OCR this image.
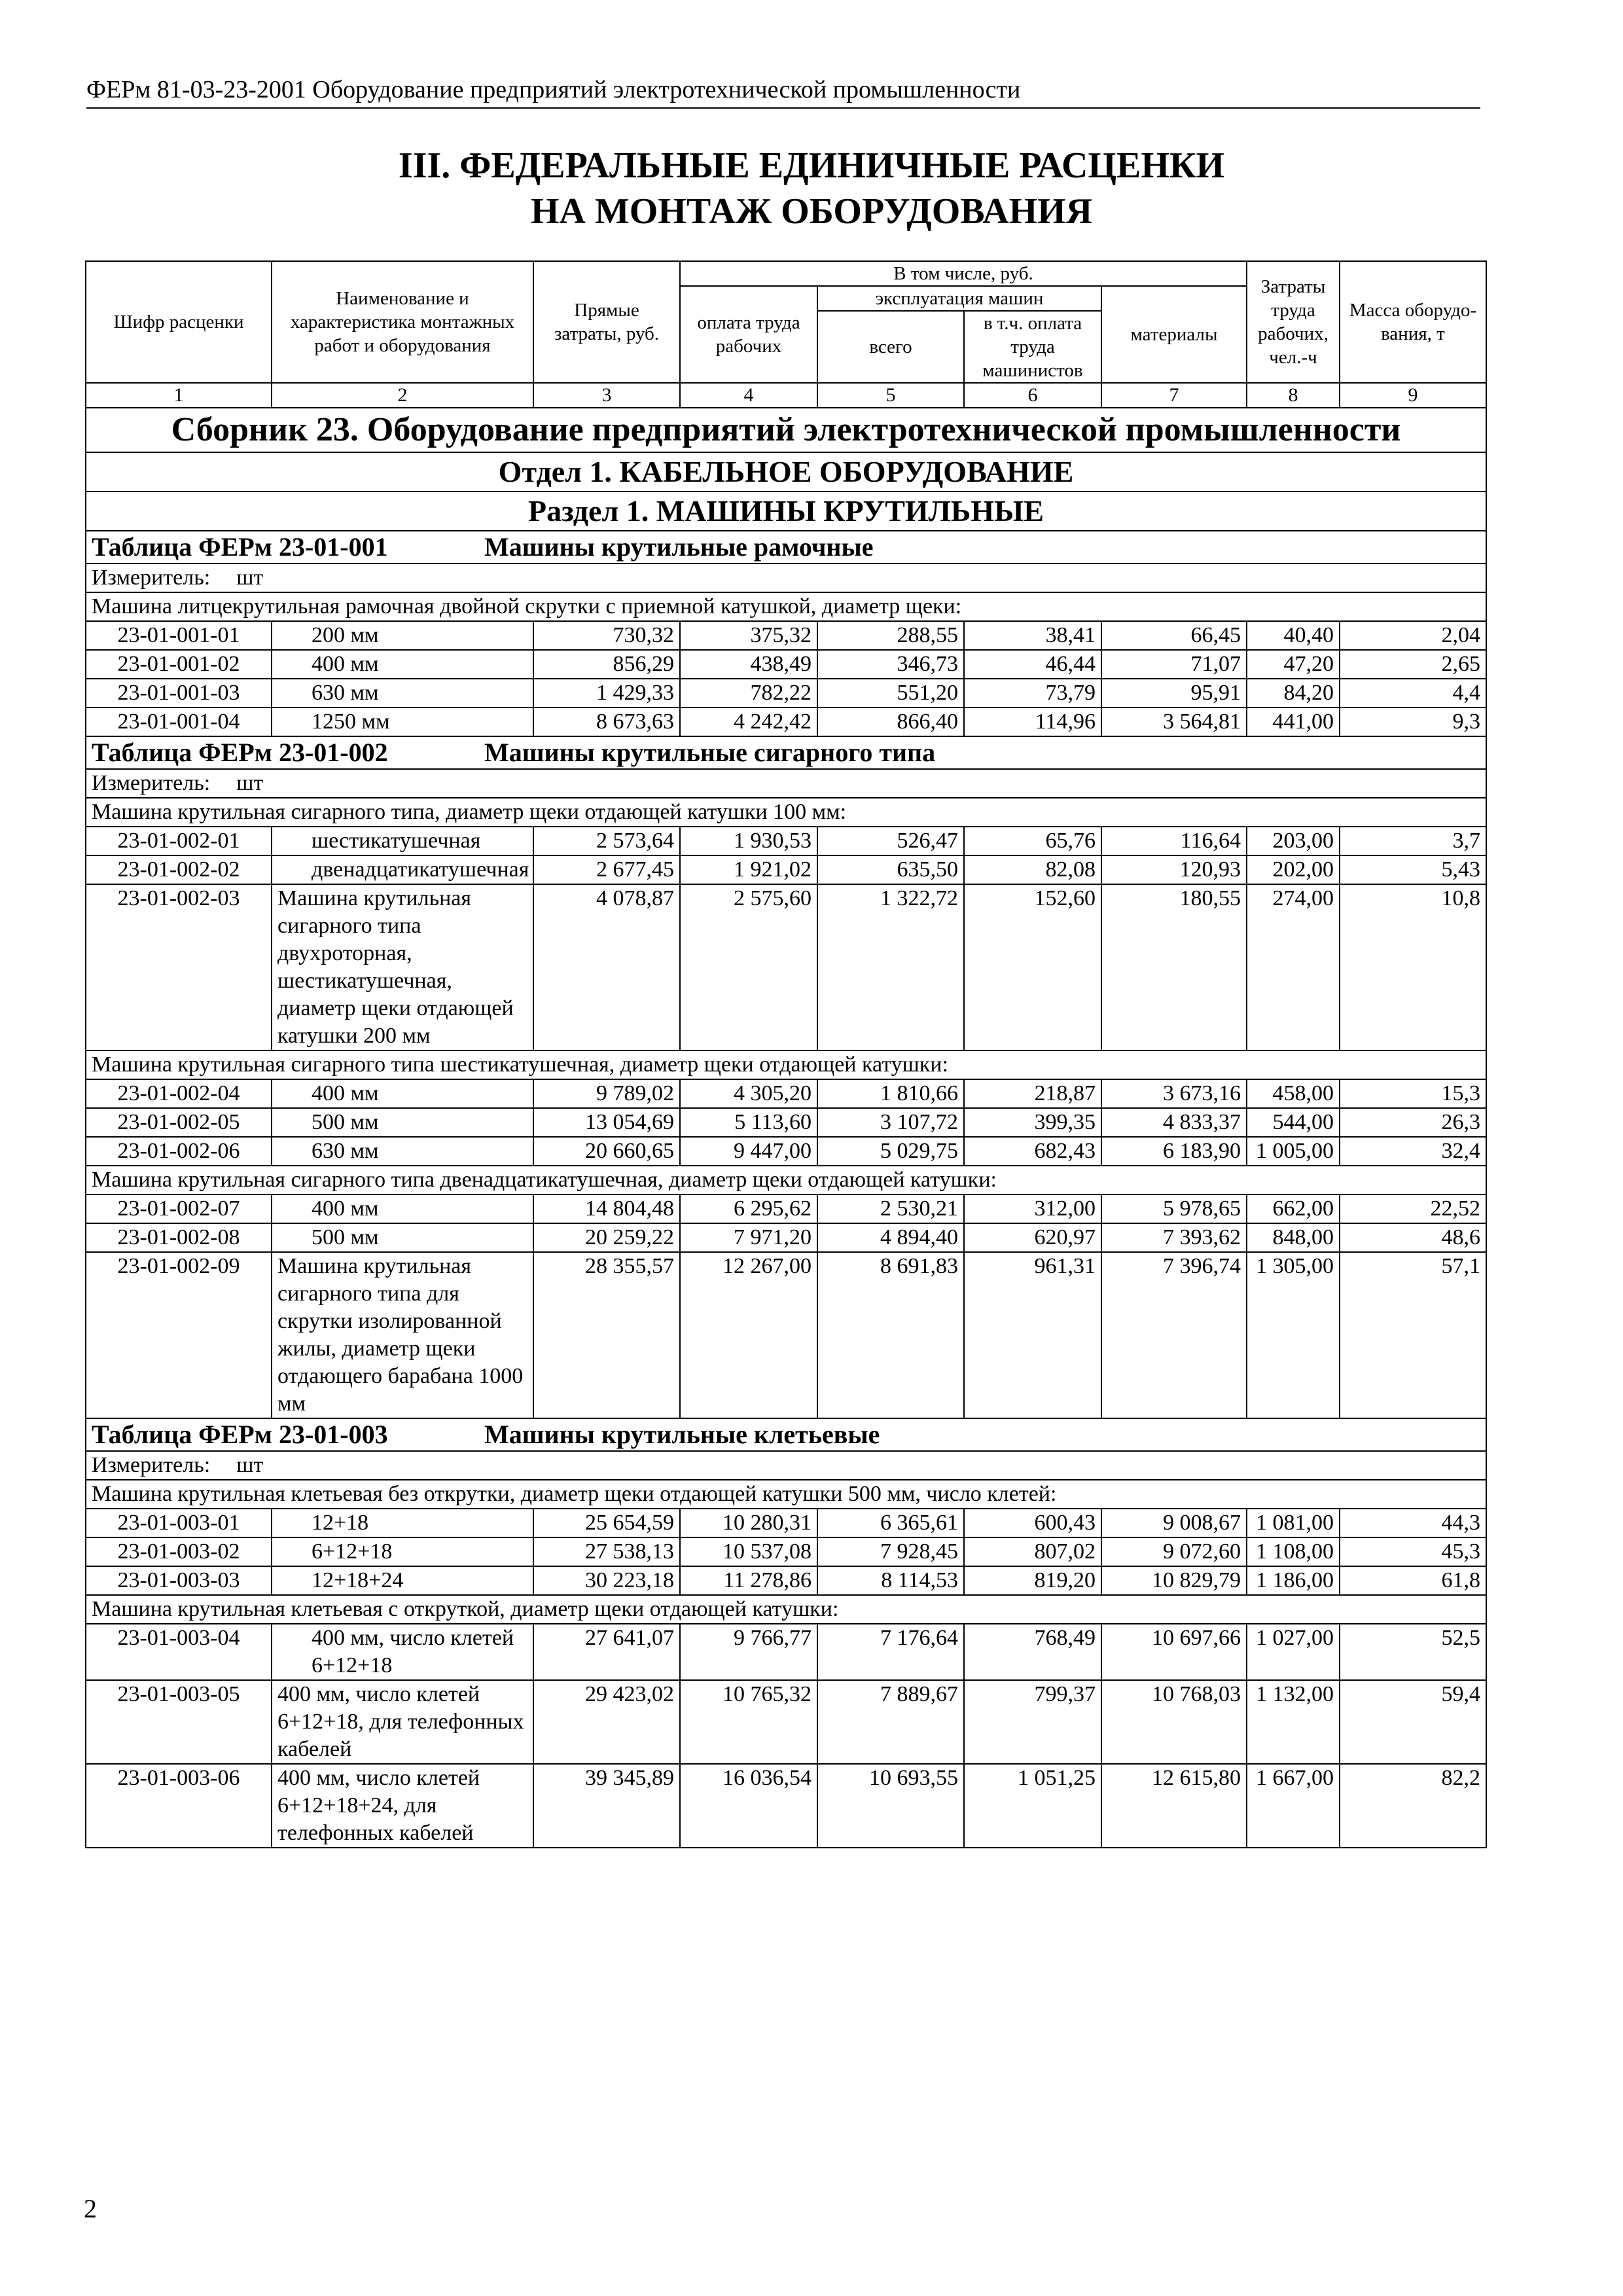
ФЕРм 81-03-23-2001 Оборудование предприятий электротехнической промышленности
III. ФЕДЕРАЛЬНЫЕ ЕДИНИЧНЫЕ РАСЦЕНКИ
НА МОНТАЖ ОБОРУДОВАНИЯ
Шифр расценки	Наименование и характеристика монтажных работ и оборудования	Прямые затраты, руб.	В том числе, руб.				Затраты труда рабочих, чел.-ч	Масса оборудо-вания, т
			оплата труда рабочих	эксплуатация машин		материалы		
				всего	в т.ч. оплата труда машинистов			
1	2	3	4	5	6	7	8	9
Сборник 23. Оборудование предприятий электротехнической промышленности								
Отдел 1. КАБЕЛЬНОЕ ОБОРУДОВАНИЕ								
Раздел 1. МАШИНЫ КРУТИЛЬНЫЕ								
Таблица ФЕРм 23-01-001 Машины крутильные рамочные								
Измеритель: шт								
Машина литцекрутильная рамочная двойной скрутки с приемной катушкой, диаметр щеки:								
23-01-001-01	200 мм	730,32	375,32	288,55	38,41	66,45	40,40	2,04
23-01-001-02	400 мм	856,29	438,49	346,73	46,44	71,07	47,20	2,65
23-01-001-03	630 мм	1 429,33	782,22	551,20	73,79	95,91	84,20	4,4
23-01-001-04	1250 мм	8 673,63	4 242,42	866,40	114,96	3 564,81	441,00	9,3
Таблица ФЕРм 23-01-002 Машины крутильные сигарного типа								
Измеритель: шт								
Машина крутильная сигарного типа, диаметр щеки отдающей катушки 100 мм:								
23-01-002-01	шестикатушечная	2 573,64	1 930,53	526,47	65,76	116,64	203,00	3,7
23-01-002-02	двенадцатикатушечная	2 677,45	1 921,02	635,50	82,08	120,93	202,00	5,43
23-01-002-03	Машина крутильная сигарного типа двухроторная, шестикатушечная, диаметр щеки отдающей катушки 200 мм	4 078,87	2 575,60	1 322,72	152,60	180,55	274,00	10,8
Машина крутильная сигарного типа шестикатушечная, диаметр щеки отдающей катушки:								
23-01-002-04	400 мм	9 789,02	4 305,20	1 810,66	218,87	3 673,16	458,00	15,3
23-01-002-05	500 мм	13 054,69	5 113,60	3 107,72	399,35	4 833,37	544,00	26,3
23-01-002-06	630 мм	20 660,65	9 447,00	5 029,75	682,43	6 183,90	1 005,00	32,4
Машина крутильная сигарного типа двенадцатикатушечная, диаметр щеки отдающей катушки:								
23-01-002-07	400 мм	14 804,48	6 295,62	2 530,21	312,00	5 978,65	662,00	22,52
23-01-002-08	500 мм	20 259,22	7 971,20	4 894,40	620,97	7 393,62	848,00	48,6
23-01-002-09	Машина крутильная сигарного типа для скрутки изолированной жилы, диаметр щеки отдающего барабана 1000 мм	28 355,57	12 267,00	8 691,83	961,31	7 396,74	1 305,00	57,1
Таблица ФЕРм 23-01-003 Машины крутильные клетьевые								
Измеритель: шт								
Машина крутильная клетьевая без открутки, диаметр щеки отдающей катушки 500 мм, число клетей:								
23-01-003-01	12+18	25 654,59	10 280,31	6 365,61	600,43	9 008,67	1 081,00	44,3
23-01-003-02	6+12+18	27 538,13	10 537,08	7 928,45	807,02	9 072,60	1 108,00	45,3
23-01-003-03	12+18+24	30 223,18	11 278,86	8 114,53	819,20	10 829,79	1 186,00	61,8
Машина крутильная клетьевая с откруткой, диаметр щеки отдающей катушки:								
23-01-003-04	400 мм, число клетей 6+12+18	27 641,07	9 766,77	7 176,64	768,49	10 697,66	1 027,00	52,5
23-01-003-05	400 мм, число клетей 6+12+18, для телефонных кабелей	29 423,02	10 765,32	7 889,67	799,37	10 768,03	1 132,00	59,4
23-01-003-06	400 мм, число клетей 6+12+18+24, для телефонных кабелей	39 345,89	16 036,54	10 693,55	1 051,25	12 615,80	1 667,00	82,2
2
